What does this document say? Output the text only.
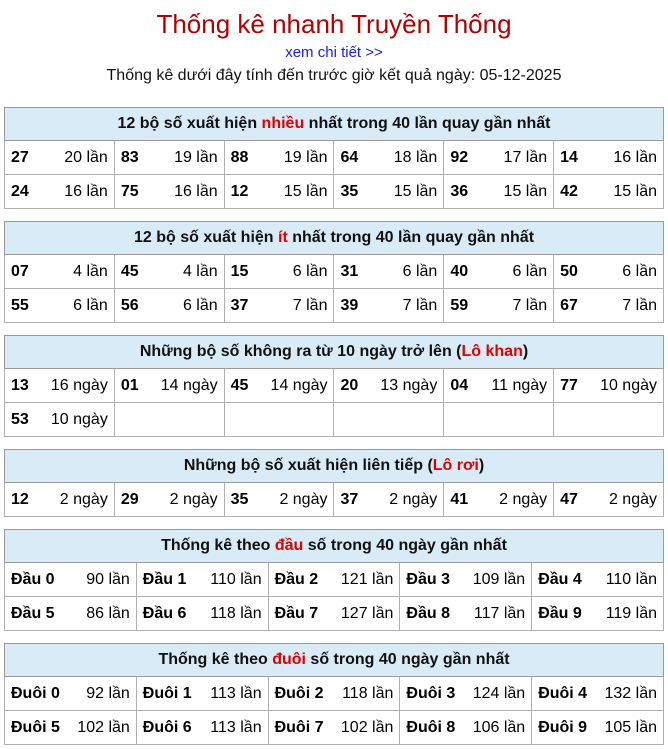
Thống kê nhanh Truyền Thống
xem chi tiết >>
Thống kê dưới đây tính đến trước giờ kết quả ngày: 05-12-2025
12 bộ số xuất hiện nhiều nhất trong 40 lần quay gần nhất					

27 20 lần	83 19 lần	88 19 lần	64 18 lần	92 17 lần	14 16 lần

24 16 lần	75 16 lần	12 15 lần	35 15 lần	36 15 lần	42 15 lần
12 bộ số xuất hiện ít nhất trong 40 lần quay gần nhất					

07 4 lần	45 4 lần	15 6 lần	31 6 lần	40 6 lần	50 6 lần

55 6 lần	56 6 lần	37 7 lần	39 7 lần	59 7 lần	67 7 lần
Những bộ số không ra từ 10 ngày trở lên (Lô khan)					

13 16 ngày	01 14 ngày	45 14 ngày	20 13 ngày	04 11 ngày	77 10 ngày

53 10 ngày					

Những bộ số xuất hiện liên tiếp (Lô rơi)

12 2 ngày	29 2 ngày	35 2 ngày	37 2 ngày	41 2 ngày	47 2 ngày
Thống kê theo đầu số trong 40 ngày gần nhất				

Đầu 0 90 lần	Đầu 1 110 lần	Đầu 2 121 lần	Đầu 3 109 lần	Đầu 4 110 lần

Đầu 5 86 lần	Đầu 6 118 lần	Đầu 7 127 lần	Đầu 8 117 lần	Đầu 9 119 lần
Thống kê theo đuôi số trong 40 ngày gần nhất				

Đuôi 0 92 lần	Đuôi 1 113 lần	Đuôi 2 118 lần	Đuôi 3 124 lần	Đuôi 4 132 lần

Đuôi 5 102 lần	Đuôi 6 113 lần	Đuôi 7 102 lần	Đuôi 8 106 lần	Đuôi 9 105 lần
